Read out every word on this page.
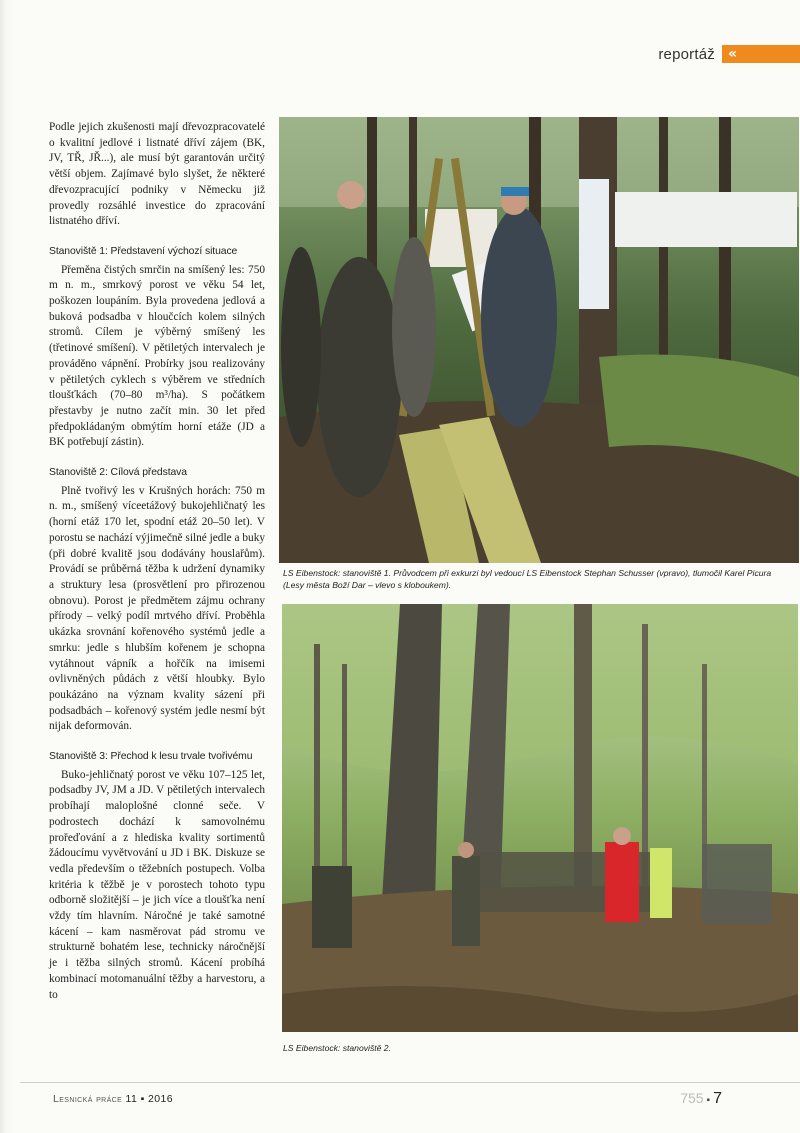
reportáž «

Podle jejich zkušenosti mají dřevozpracovatelé o kvalitní jedlové i listnaté dříví zájem (BK, JV, TŘ, JŘ...), ale musí být garantován určitý větší objem. Zajímavé bylo slyšet, že některé dřevozpracující podniky v Německu již provedly rozsáhlé investice do zpracování listnatého dříví.

Stanoviště 1: Představení výchozí situace

Přeměna čistých smrčin na smíšený les: 750 m n. m., smrkový porost ve věku 54 let, poškozen loupáním. Byla provedena jedlová a buková podsadba v hloučcích kolem silných stromů. Cílem je výběrný smíšený les (třetinové smíšení). V pětiletých intervalech je prováděno vápnění. Probírky jsou realizovány v pětiletých cyklech s výběrem ve středních tloušťkách (70–80 m³/ha). S počátkem přestavby je nutno začít min. 30 let před předpokládaným obmýtím horní etáže (JD a BK potřebují zástin).

Stanoviště 2: Cílová představa

Plně tvořivý les v Krušných horách: 750 m n. m., smíšený víceetážový bukojehličnatý les (horní etáž 170 let, spodní etáž 20–50 let). V porostu se nachází výjimečně silné jedle a buky (při dobré kvalitě jsou dodávány houslařům). Provádí se průběrná těžba k udržení dynamiky a struktury lesa (prosvětlení pro přirozenou obnovu). Porost je předmětem zájmu ochrany přírody – velký podíl mrtvého dříví. Proběhla ukázka srovnání kořenového systémů jedle a smrku: jedle s hlubším kořenem je schopna vytáhnout vápník a hořčík na imisemi ovlivněných půdách z větší hloubky. Bylo poukázáno na význam kvality sázení při podsadbách – kořenový systém jedle nesmí být nijak deformován.

Stanoviště 3: Přechod k lesu trvale tvořivému

Buko-jehličnatý porost ve věku 107–125 let, podsadby JV, JM a JD. V pětiletých intervalech probíhají maloplošné clonné seče. V podrostech dochází k samovolnému prořeďování a z hlediska kvality sortimentů žádoucímu vyvětvování u JD i BK. Diskuze se vedla především o těžebních postupech. Volba kritéria k těžbě je v porostech tohoto typu odborně složitější – je jich více a tloušťka není vždy tím hlavním. Náročné je také samotné kácení – kam nasměrovat pád stromu ve strukturně bohatém lese, technicky náročnější je i těžba silných stromů. Kácení probíhá kombinací motomanuální těžby a harvestoru, a to

LS Eibenstock: stanoviště 1. Průvodcem při exkurzi byl vedoucí LS Eibenstock Stephan Schusser (vpravo), tlumočil Karel Picura (Lesy města Boží Dar – vlevo s kloboukem).
LS Eibenstock: stanoviště 2.
Lesnická práce 11 ▪ 2016	755 ▪ 7
